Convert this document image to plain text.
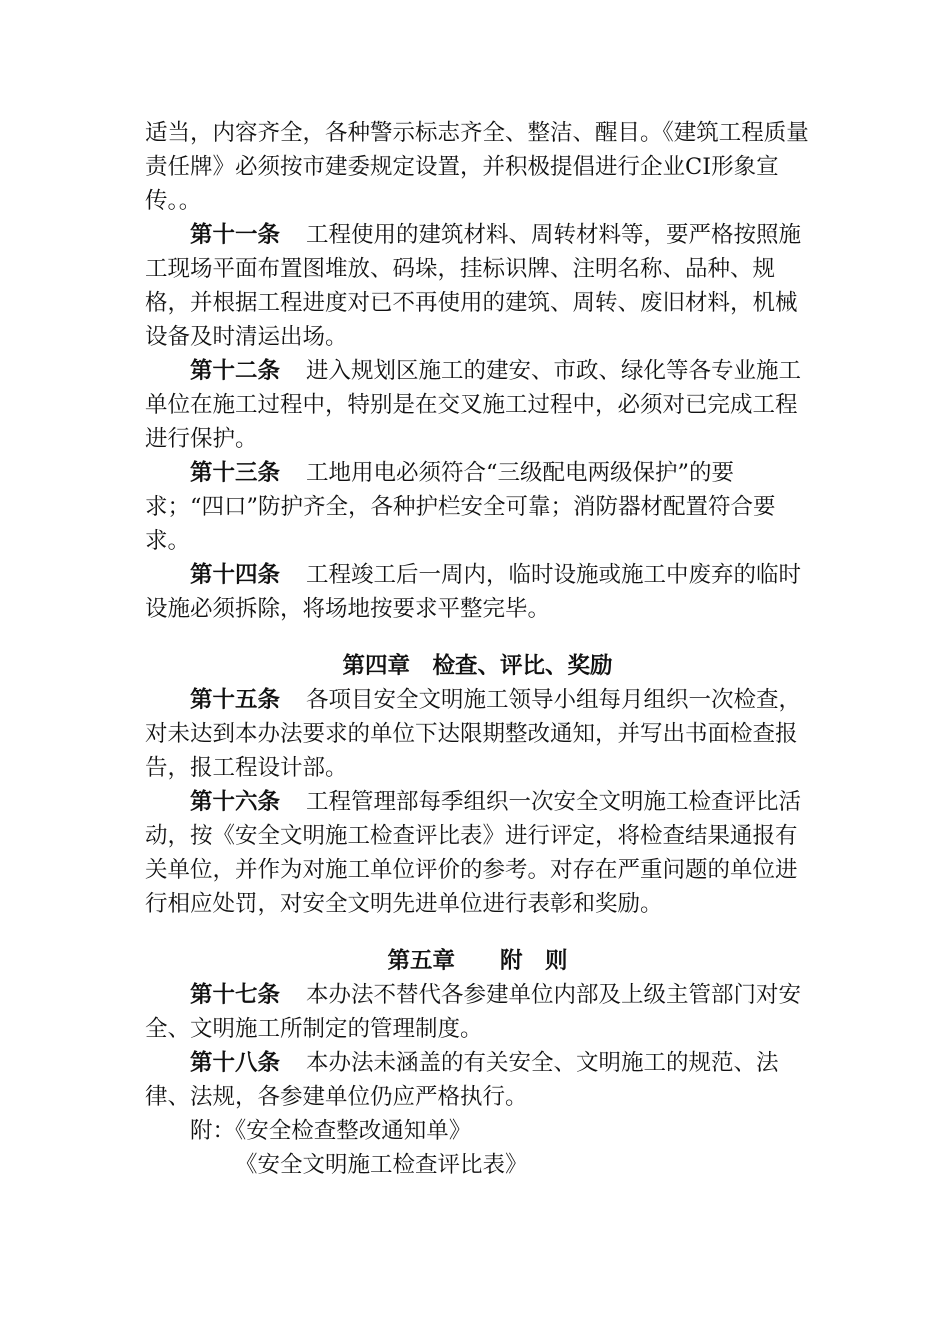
适当，内容齐全，各种警示标志齐全、整洁、醒目。《建筑工程质量责任牌》必须按市建委规定设置，并积极提倡进行企业CI形象宣传。。

第十一条 工程使用的建筑材料、周转材料等，要严格按照施工现场平面布置图堆放、码垛，挂标识牌、注明名称、品种、规格，并根据工程进度对已不再使用的建筑、周转、废旧材料，机械设备及时清运出场。

第十二条 进入规划区施工的建安、市政、绿化等各专业施工单位在施工过程中，特别是在交叉施工过程中，必须对已完成工程进行保护。

第十三条 工地用电必须符合“三级配电两级保护”的要求；“四口”防护齐全，各种护栏安全可靠；消防器材配置符合要求。

第十四条 工程竣工后一周内，临时设施或施工中废弃的临时设施必须拆除，将场地按要求平整完毕。

第四章　检查、评比、奖励

第十五条 各项目安全文明施工领导小组每月组织一次检查，对未达到本办法要求的单位下达限期整改通知，并写出书面检查报告，报工程设计部。

第十六条 工程管理部每季组织一次安全文明施工检查评比活动，按《安全文明施工检查评比表》进行评定，将检查结果通报有关单位，并作为对施工单位评价的参考。对存在严重问题的单位进行相应处罚，对安全文明先进单位进行表彰和奖励。

第五章　　附　则

第十七条 本办法不替代各参建单位内部及上级主管部门对安全、文明施工所制定的管理制度。

第十八条 本办法未涵盖的有关安全、文明施工的规范、法律、法规，各参建单位仍应严格执行。

附：《安全检查整改通知单》

《安全文明施工检查评比表》
